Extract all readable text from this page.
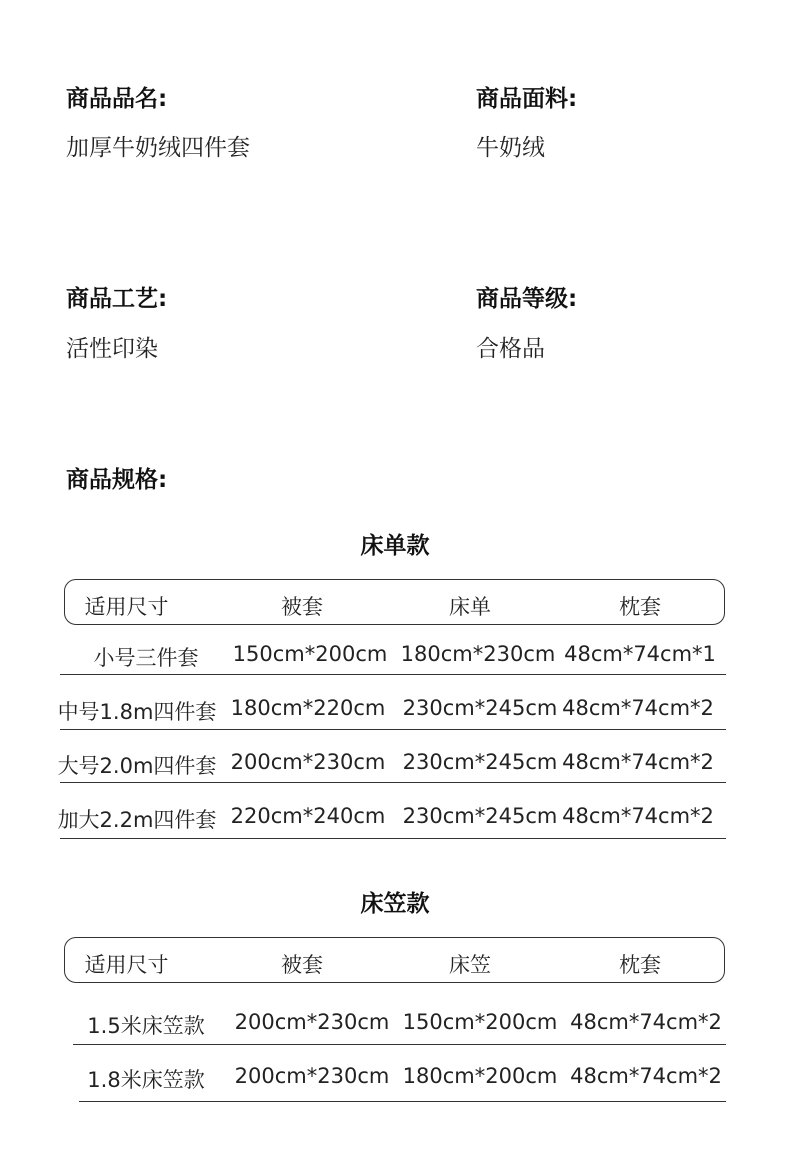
商品品名:
加厚牛奶绒四件套
商品面料:
牛奶绒
商品工艺:
活性印染
商品等级:
合格品
商品规格:
床单款
适用尺寸	被套	床单	枕套
小号三件套	150cm*200cm 180cm*230cm 48cm*74cm*1
中号1.8m四件套 180cm*220cm 230cm*245cm 48cm*74cm*2
大号2.0m四件套 200cm*230cm 230cm*245cm 48cm*74cm*2
加大2.2m四件套 220cm*240cm 230cm*245cm 48cm*74cm*2
床笠款
适用尺寸	被套	床笠	枕套
1.5米床笠款	200cm*230cm 150cm*200cm 48cm*74cm*2
1.8米床笠款	200cm*230cm 180cm*200cm 48cm*74cm*2
